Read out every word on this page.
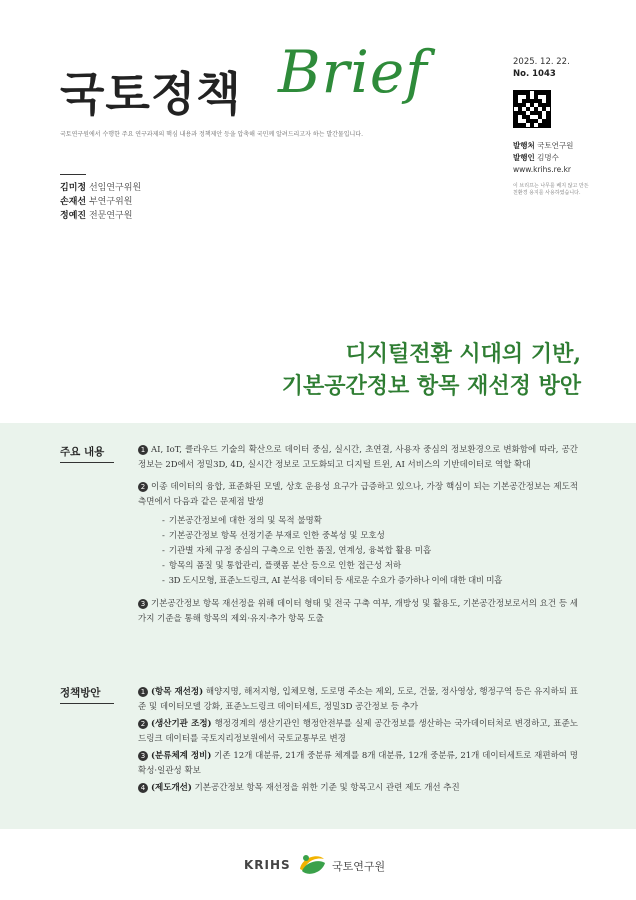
국토정책 Brief
국토연구원에서 수행한 주요 연구과제의 핵심 내용과 정책제안 등을 압축해 국민께 알려드리고자 하는 발간물입니다.
2025. 12. 22.
No. 1043
발행처 국토연구원
발행인 김명수
www.krihs.re.kr
이 브리프는 나무를 베지 않고 만든 친환경 용지를 사용하였습니다.
김미정 선임연구위원
손재선 부연구위원
정예진 전문연구원
디지털전환 시대의 기반,
기본공간정보 항목 재선정 방안
주요 내용	1 AI, IoT, 클라우드 기술의 확산으로 데이터 중심, 실시간, 초연결, 사용자 중심의 정보환경으로 변화함에 따라, 공간정보는 2D에서 정밀3D, 4D, 실시간 정보로 고도화되고 디지털 트윈, AI 서비스의 기반데이터로 역할 확대

2 이종 데이터의 융합, 표준화된 모델, 상호 운용성 요구가 급증하고 있으나, 가장 핵심이 되는 기본공간정보는 제도적 측면에서 다음과 같은 문제점 발생

- 기본공간정보에 대한 정의 및 목적 불명확
- 기본공간정보 항목 선정기준 부재로 인한 중복성 및 모호성
- 기관별 자체 규정 중심의 구축으로 인한 품질, 연계성, 융복합 활용 미흡
- 항목의 품질 및 통합관리, 플랫폼 분산 등으로 인한 접근성 저하
- 3D 도시모형, 표준노드링크, AI 분석용 데이터 등 새로운 수요가 증가하나 이에 대한 대비 미흡

3 기본공간정보 항목 재선정을 위해 데이터 형태 및 전국 구축 여부, 개방성 및 활용도, 기본공간정보로서의 요건 등 세 가지 기준을 통해 항목의 제외·유지·추가 항목 도출

정책방안	1 (항목 재선정) 해양지명, 해저지형, 입체모형, 도로명 주소는 제외, 도로, 건물, 정사영상, 행정구역 등은 유지하되 표준 및 데이터모델 강화, 표준노드링크 데이터세트, 정밀3D 공간정보 등 추가

2 (생산기관 조정) 행정경계의 생산기관인 행정안전부를 실제 공간정보를 생산하는 국가데이터처로 변경하고, 표준노드링크 데이터를 국토지리정보원에서 국토교통부로 변경

3 (분류체계 정비) 기존 12개 대분류, 21개 중분류 체계를 8개 대분류, 12개 중분류, 21개 데이터세트로 재편하여 명확성·일관성 확보

4 (제도개선) 기본공간정보 항목 재선정을 위한 기준 및 항목고시 관련 제도 개선 추진

KRIHS	국토연구원
